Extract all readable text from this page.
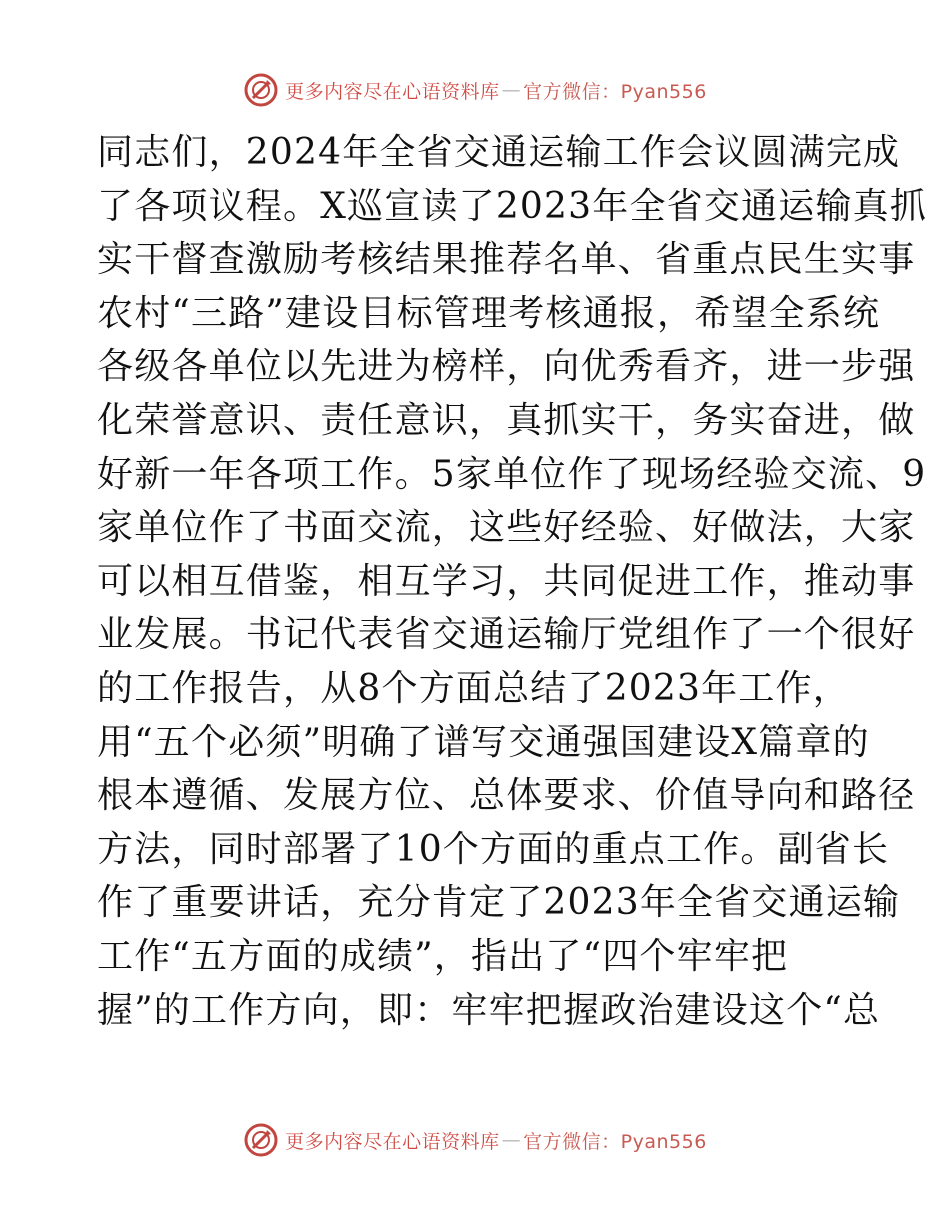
更多内容尽在心语资料库 — 官方微信：Pyan556
同志们，2024年全省交通运输工作会议圆满完成
了各项议程。X巡宣读了2023年全省交通运输真抓
实干督查激励考核结果推荐名单、省重点民生实事
农村“三路”建设目标管理考核通报，希望全系统
各级各单位以先进为榜样，向优秀看齐，进一步强
化荣誉意识、责任意识，真抓实干，务实奋进，做
好新一年各项工作。5家单位作了现场经验交流、9
家单位作了书面交流，这些好经验、好做法，大家
可以相互借鉴，相互学习，共同促进工作，推动事
业发展。书记代表省交通运输厅党组作了一个很好
的工作报告，从8个方面总结了2023年工作，
用“五个必须”明确了谱写交通强国建设X篇章的
根本遵循、发展方位、总体要求、价值导向和路径
方法，同时部署了10个方面的重点工作。副省长
作了重要讲话，充分肯定了2023年全省交通运输
工作“五方面的成绩”，指出了“四个牢牢把
握”的工作方向，即：牢牢把握政治建设这个“总
更多内容尽在心语资料库 — 官方微信：Pyan556
